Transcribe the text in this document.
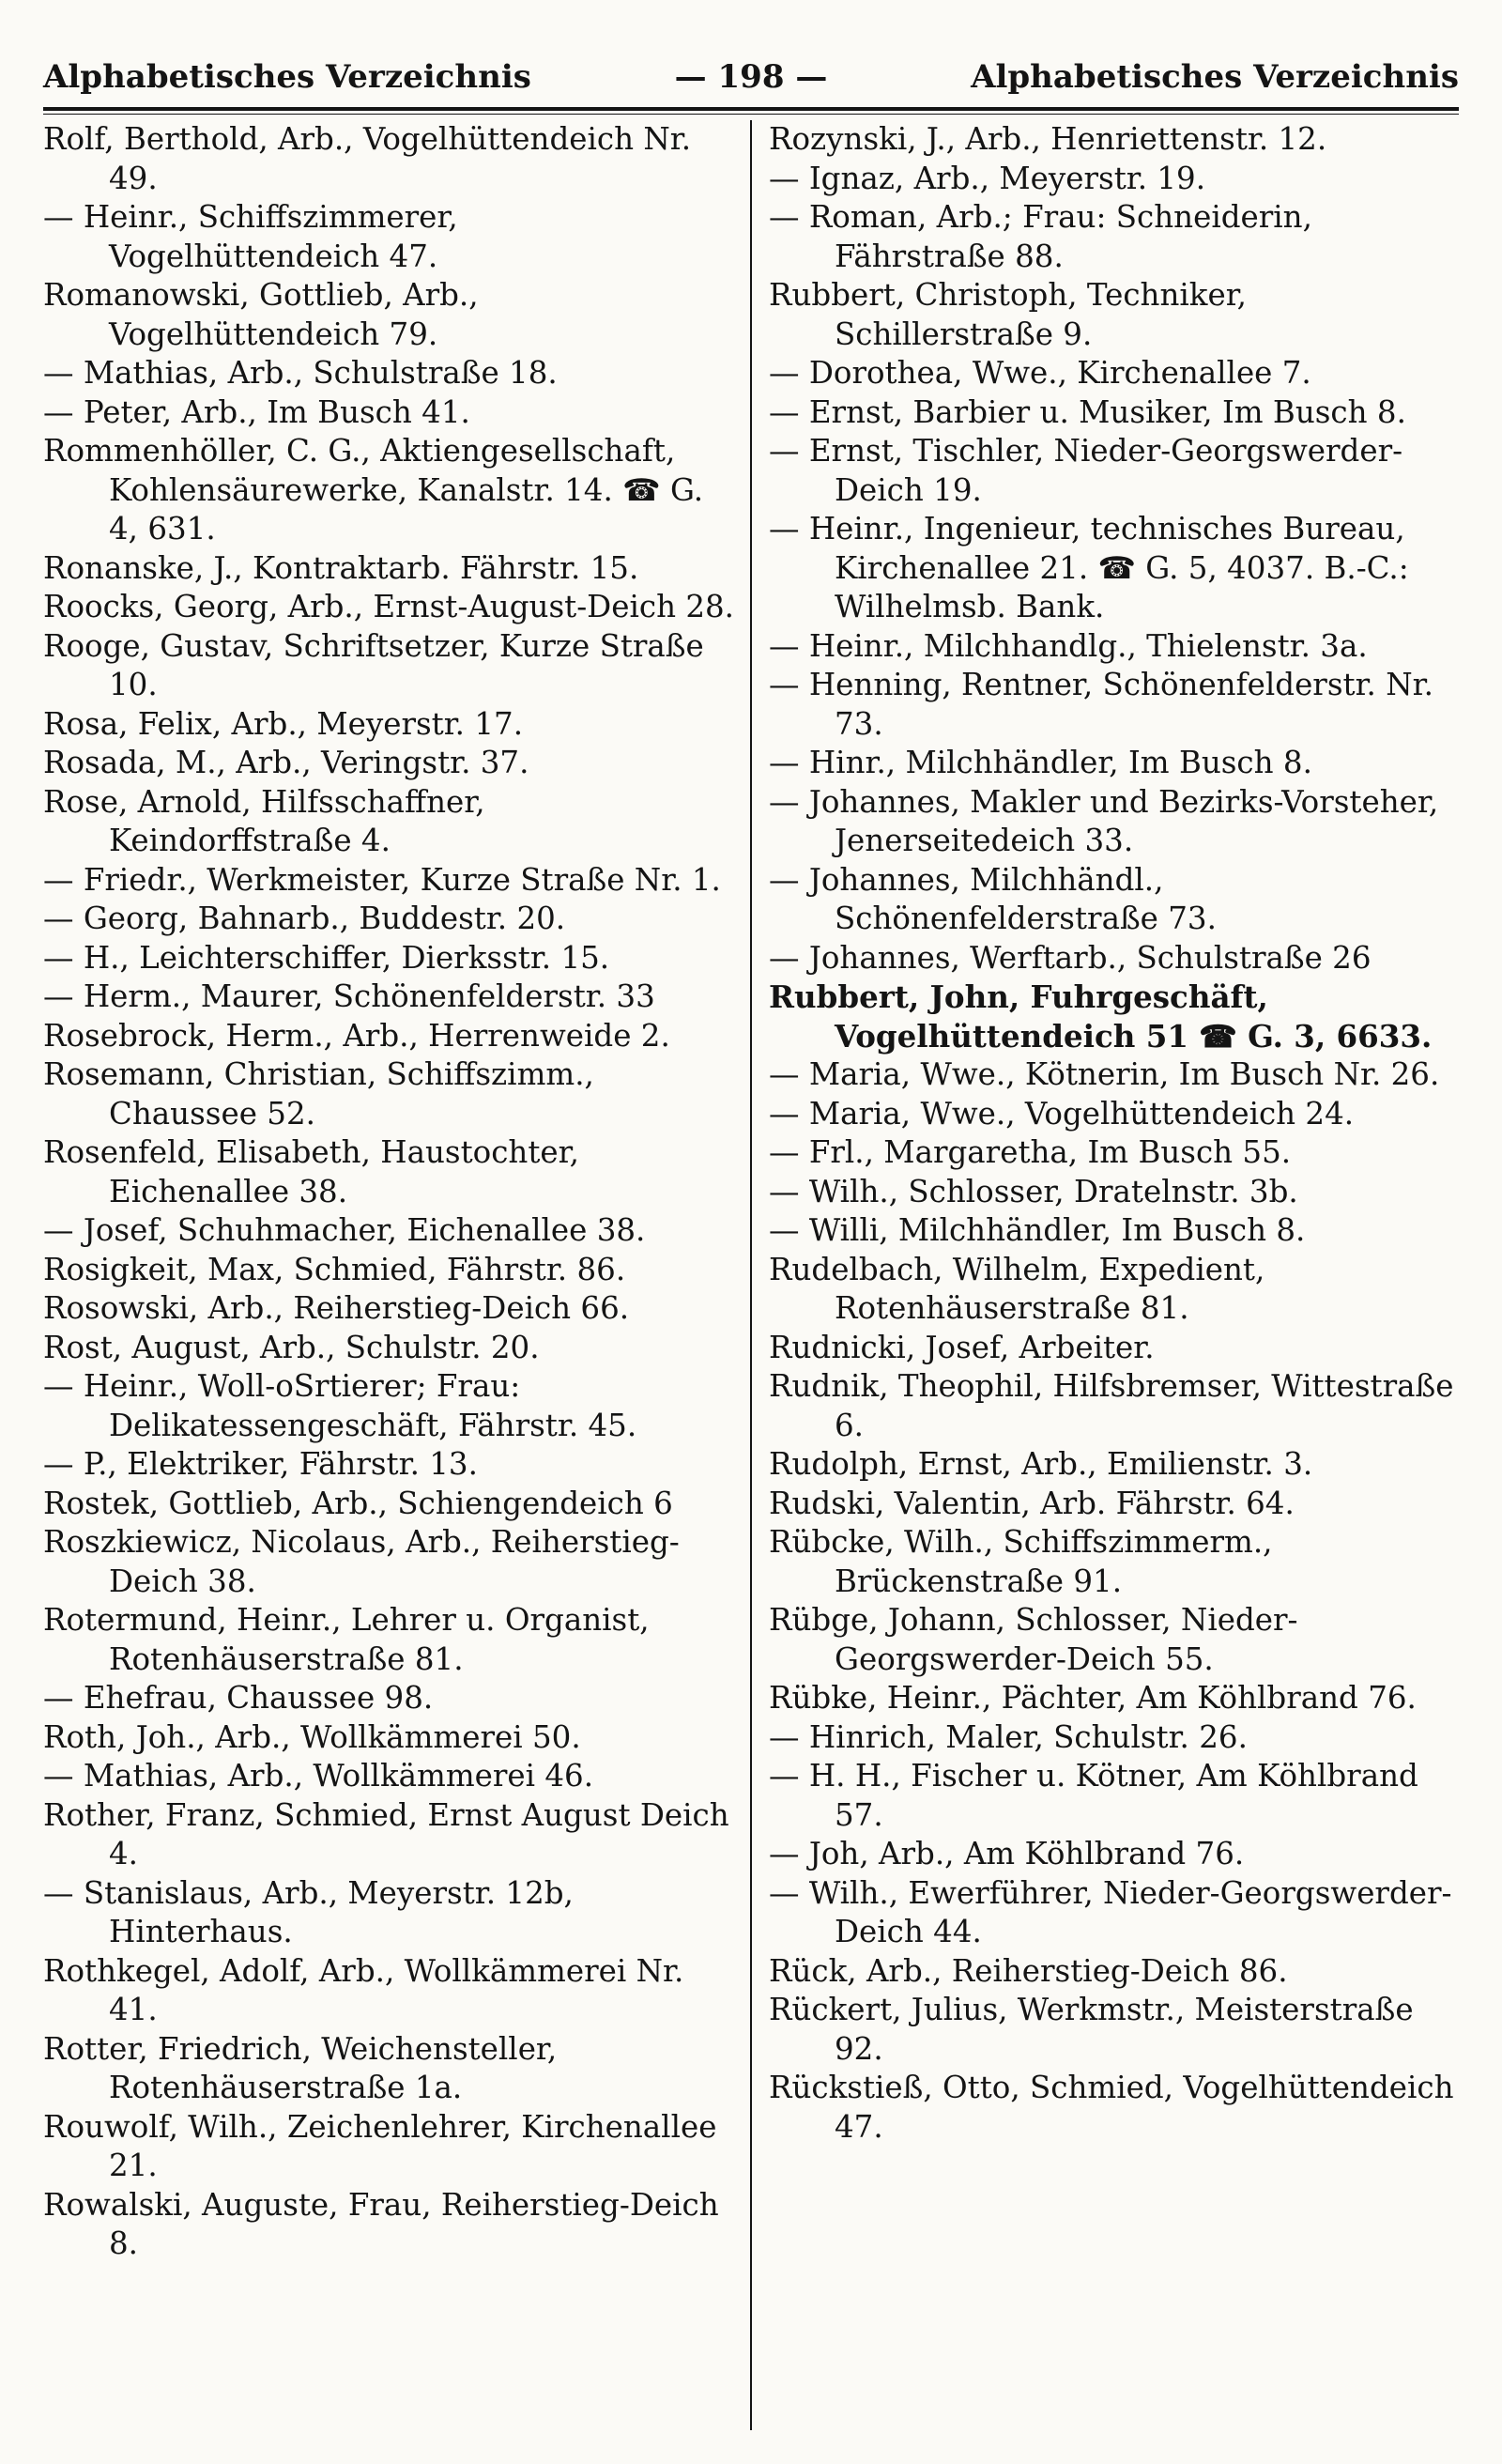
Alphabetisches Verzeichnis	— 198 —	Alphabetisches Verzeichnis
Rolf, Berthold, Arb., Vogelhüttendeich Nr. 49.
— Heinr., Schiffszimmerer, Vogelhüttendeich 47.
Romanowski, Gottlieb, Arb., Vogelhüttendeich 79.
— Mathias, Arb., Schulstraße 18.
— Peter, Arb., Im Busch 41.
Rommenhöller, C. G., Aktiengesellschaft, Kohlensäurewerke, Kanalstr. 14. ☎ G. 4, 631.
Ronanske, J., Kontraktarb. Fährstr. 15.
Roocks, Georg, Arb., Ernst-August-Deich 28.
Rooge, Gustav, Schriftsetzer, Kurze Straße 10.
Rosa, Felix, Arb., Meyerstr. 17.
Rosada, M., Arb., Veringstr. 37.
Rose, Arnold, Hilfsschaffner, Keindorffstraße 4.
— Friedr., Werkmeister, Kurze Straße Nr. 1.
— Georg, Bahnarb., Buddestr. 20.
— H., Leichterschiffer, Dierksstr. 15.
— Herm., Maurer, Schönenfelderstr. 33
Rosebrock, Herm., Arb., Herrenweide 2.
Rosemann, Christian, Schiffszimm., Chaussee 52.
Rosenfeld, Elisabeth, Haustochter, Eichenallee 38.
— Josef, Schuhmacher, Eichenallee 38.
Rosigkeit, Max, Schmied, Fährstr. 86.
Rosowski, Arb., Reiherstieg-Deich 66.
Rost, August, Arb., Schulstr. 20.
— Heinr., Woll-oSrtierer; Frau: Delikatessengeschäft, Fährstr. 45.
— P., Elektriker, Fährstr. 13.
Rostek, Gottlieb, Arb., Schiengendeich 6
Roszkiewicz, Nicolaus, Arb., Reiherstieg-Deich 38.
Rotermund, Heinr., Lehrer u. Organist, Rotenhäuserstraße 81.
— Ehefrau, Chaussee 98.
Roth, Joh., Arb., Wollkämmerei 50.
— Mathias, Arb., Wollkämmerei 46.
Rother, Franz, Schmied, Ernst August Deich 4.
— Stanislaus, Arb., Meyerstr. 12b, Hinterhaus.
Rothkegel, Adolf, Arb., Wollkämmerei Nr. 41.
Rotter, Friedrich, Weichensteller, Rotenhäuserstraße 1a.
Rouwolf, Wilh., Zeichenlehrer, Kirchenallee 21.
Rowalski, Auguste, Frau, Reiherstieg-Deich 8.
Rozynski, J., Arb., Henriettenstr. 12.
— Ignaz, Arb., Meyerstr. 19.
— Roman, Arb.; Frau: Schneiderin, Fährstraße 88.
Rubbert, Christoph, Techniker, Schillerstraße 9.
— Dorothea, Wwe., Kirchenallee 7.
— Ernst, Barbier u. Musiker, Im Busch 8.
— Ernst, Tischler, Nieder-Georgswerder-Deich 19.
— Heinr., Ingenieur, technisches Bureau, Kirchenallee 21. ☎ G. 5, 4037. B.-C.: Wilhelmsb. Bank.
— Heinr., Milchhandlg., Thielenstr. 3a.
— Henning, Rentner, Schönenfelderstr. Nr. 73.
— Hinr., Milchhändler, Im Busch 8.
— Johannes, Makler und Bezirks-Vorsteher, Jenerseitedeich 33.
— Johannes, Milchhändl., Schönenfelderstraße 73.
— Johannes, Werftarb., Schulstraße 26
Rubbert, John, Fuhrgeschäft, Vogelhüttendeich 51 ☎ G. 3, 6633.
— Maria, Wwe., Kötnerin, Im Busch Nr. 26.
— Maria, Wwe., Vogelhüttendeich 24.
— Frl., Margaretha, Im Busch 55.
— Wilh., Schlosser, Dratelnstr. 3b.
— Willi, Milchhändler, Im Busch 8.
Rudelbach, Wilhelm, Expedient, Rotenhäuserstraße 81.
Rudnicki, Josef, Arbeiter.
Rudnik, Theophil, Hilfsbremser, Wittestraße 6.
Rudolph, Ernst, Arb., Emilienstr. 3.
Rudski, Valentin, Arb. Fährstr. 64.
Rübcke, Wilh., Schiffszimmerm., Brückenstraße 91.
Rübge, Johann, Schlosser, Nieder-Georgswerder-Deich 55.
Rübke, Heinr., Pächter, Am Köhlbrand 76.
— Hinrich, Maler, Schulstr. 26.
— H. H., Fischer u. Kötner, Am Köhlbrand 57.
— Joh, Arb., Am Köhlbrand 76.
— Wilh., Ewerführer, Nieder-Georgswerder-Deich 44.
Rück, Arb., Reiherstieg-Deich 86.
Rückert, Julius, Werkmstr., Meisterstraße 92.
Rückstieß, Otto, Schmied, Vogelhüttendeich 47.
